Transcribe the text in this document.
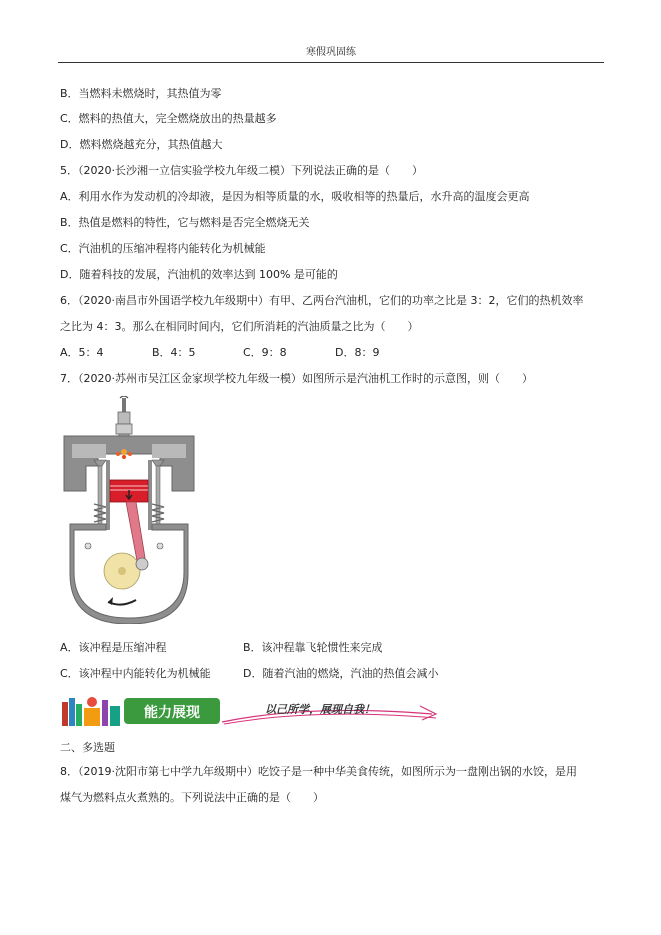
寒假巩固练
B．当燃料未燃烧时，其热值为零
C．燃料的热值大，完全燃烧放出的热量越多
D．燃料燃烧越充分，其热值越大
5．（2020·长沙湘一立信实验学校九年级二模）下列说法正确的是（　　）
A．利用水作为发动机的冷却液，是因为相等质量的水，吸收相等的热量后，水升高的温度会更高
B．热值是燃料的特性，它与燃料是否完全燃烧无关
C．汽油机的压缩冲程将内能转化为机械能
D．随着科技的发展，汽油机的效率达到 100% 是可能的
6．（2020·南昌市外国语学校九年级期中）有甲、乙两台汽油机，它们的功率之比是 3：2，它们的热机效率
之比为 4：3。那么在相同时间内，它们所消耗的汽油质量之比为（　　）
A．5：4	B．4：5	C．9：8	D．8：9
7．（2020·苏州市吴江区金家坝学校九年级一模）如图所示是汽油机工作时的示意图，则（　　）
A．该冲程是压缩冲程	B．该冲程靠飞轮惯性来完成
C．该冲程中内能转化为机械能	D．随着汽油的燃烧，汽油的热值会减小
能力展现	以己所学，展现自我！
二、多选题
8．（2019·沈阳市第七中学九年级期中）吃饺子是一种中华美食传统，如图所示为一盘刚出锅的水饺，是用
煤气为燃料点火煮熟的。下列说法中正确的是（　　）
